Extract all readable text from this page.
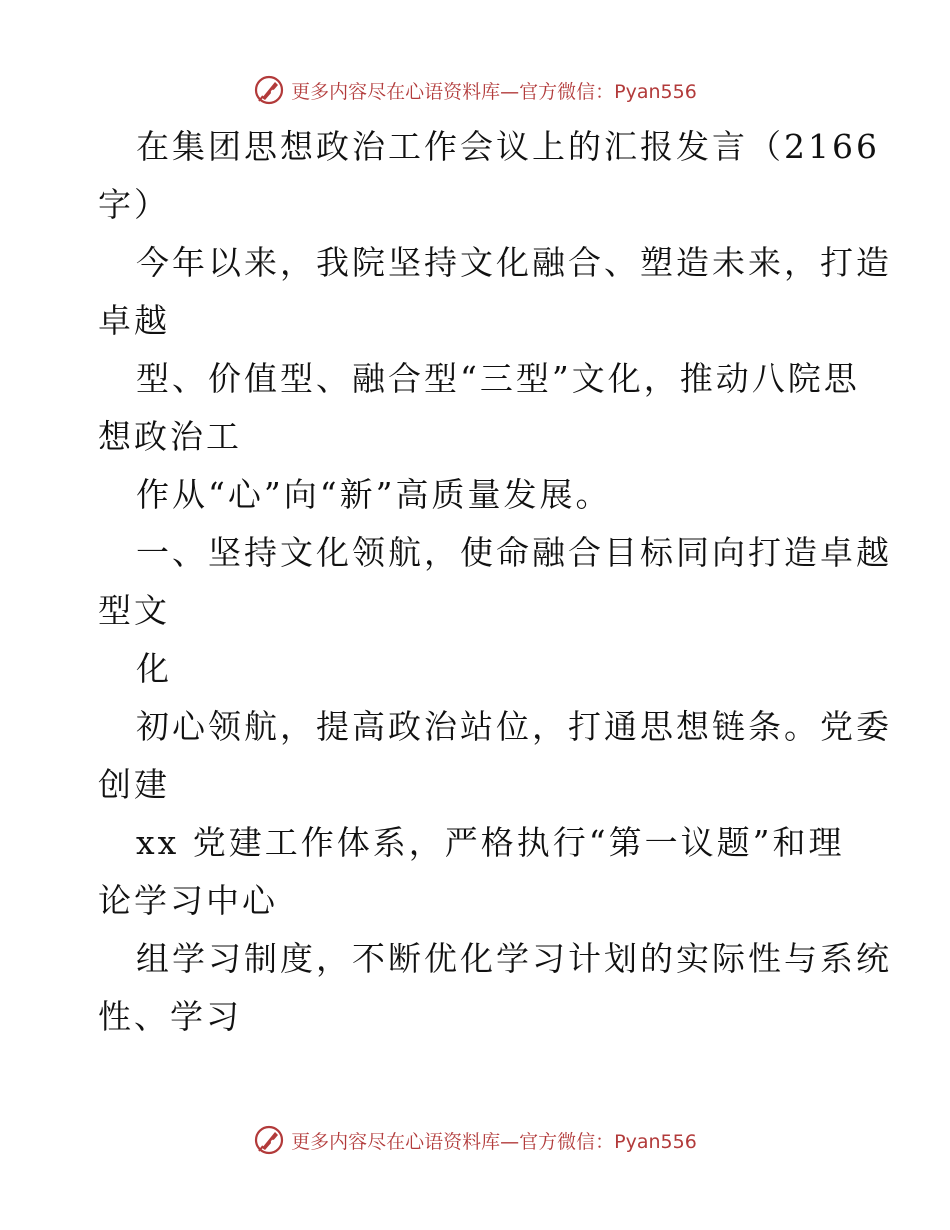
更多内容尽在心语资料库—官方微信：Pyan556
在集团思想政治工作会议上的汇报发言（2166
字）
今年以来，我院坚持文化融合、塑造未来，打造
卓越
型、价值型、融合型“三型”文化，推动八院思
想政治工
作从“心”向“新”高质量发展。
一、坚持文化领航，使命融合目标同向打造卓越
型文
化
初心领航，提高政治站位，打通思想链条。党委
创建
xx 党建工作体系，严格执行“第一议题”和理
论学习中心
组学习制度，不断优化学习计划的实际性与系统
性、学习
更多内容尽在心语资料库—官方微信：Pyan556
